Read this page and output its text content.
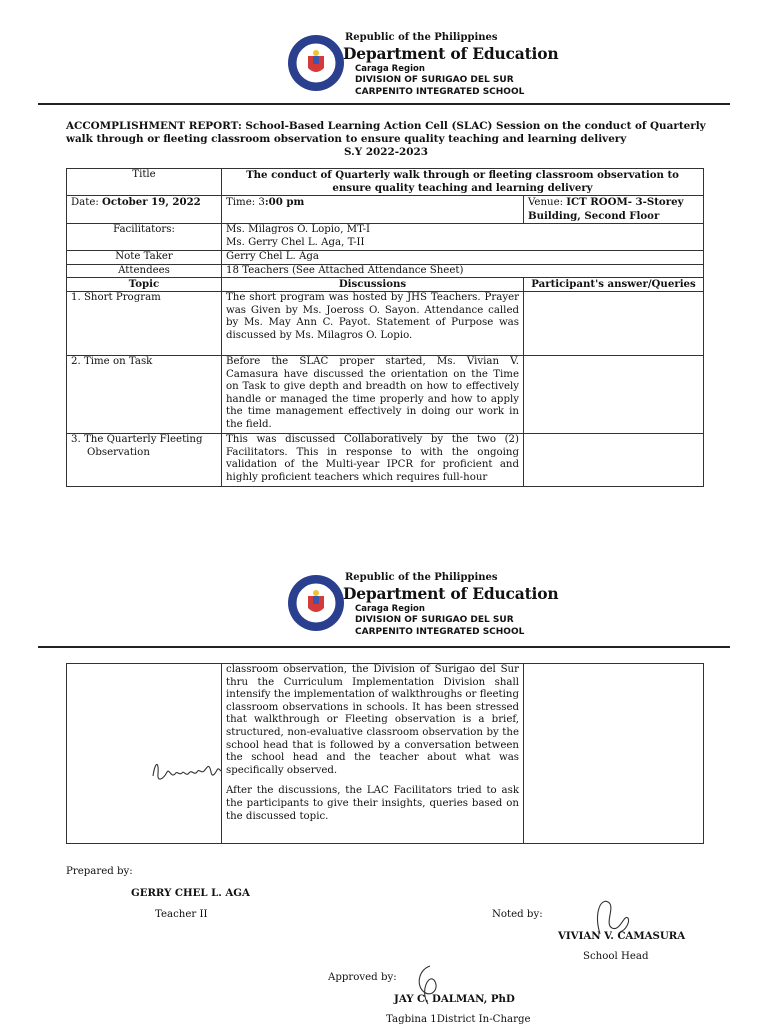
Republic of the Philippines
Department of Education
Caraga Region
DIVISION OF SURIGAO DEL SUR
CARPENITO INTEGRATED SCHOOL
ACCOMPLISHMENT REPORT: School-Based Learning Action Cell (SLAC) Session on the conduct of Quarterly
walk through or fleeting classroom observation to ensure quality teaching and learning delivery
S.Y 2022-2023
Title	The conduct of Quarterly walk through or fleeting classroom observation to ensure quality teaching and learning delivery	
Date: October 19, 2022	Time: 3:00 pm	Venue: ICT ROOM- 3-Storey Building, Second Floor
Facilitators:	Ms. Milagros O. Lopio, MT-I
Ms. Gerry Chel L. Aga, T-II	

Note Taker	Gerry Chel L. Aga	
Attendees	18 Teachers (See Attached Attendance Sheet)	
Topic	Discussions	Participant's answer/Queries
1. Short Program	The short program was hosted by JHS Teachers. Prayer was Given by Ms. Joeross O. Sayon. Attendance called by Ms. May Ann C. Payot. Statement of Purpose was discussed by Ms. Milagros O. Lopio.	
2. Time on Task	Before the SLAC proper started, Ms. Vivian V. Camasura have discussed the orientation on the Time on Task to give depth and breadth on how to effectively handle or managed the time properly and how to apply the time management effectively in doing our work in the field.	

3. The Quarterly Fleeting
Observation	This was discussed Collaboratively by the two (2) Facilitators. This in response to with the ongoing validation of the Multi-year IPCR for proficient and highly proficient teachers which requires full-hour	

Republic of the Philippines
Department of Education
Caraga Region
DIVISION OF SURIGAO DEL SUR
CARPENITO INTEGRATED SCHOOL

classroom observation, the Division of Surigao del Sur thru the Curriculum Implementation Division shall intensify the implementation of walkthroughs or fleeting classroom observations in schools. It has been stressed that walkthrough or Fleeting observation is a brief, structured, non-evaluative classroom observation by the school head that is followed by a conversation between the school head and the teacher about what was specifically observed.
After the discussions, the LAC Facilitators tried to ask the participants to give their insights, queries based on the discussed topic.

Prepared by:
GERRY CHEL L. AGA
Teacher II	Noted by:
VIVIAN V. CAMASURA
School Head
Approved by:
JAY C. DALMAN, PhD
Tagbina 1District In-Charge
